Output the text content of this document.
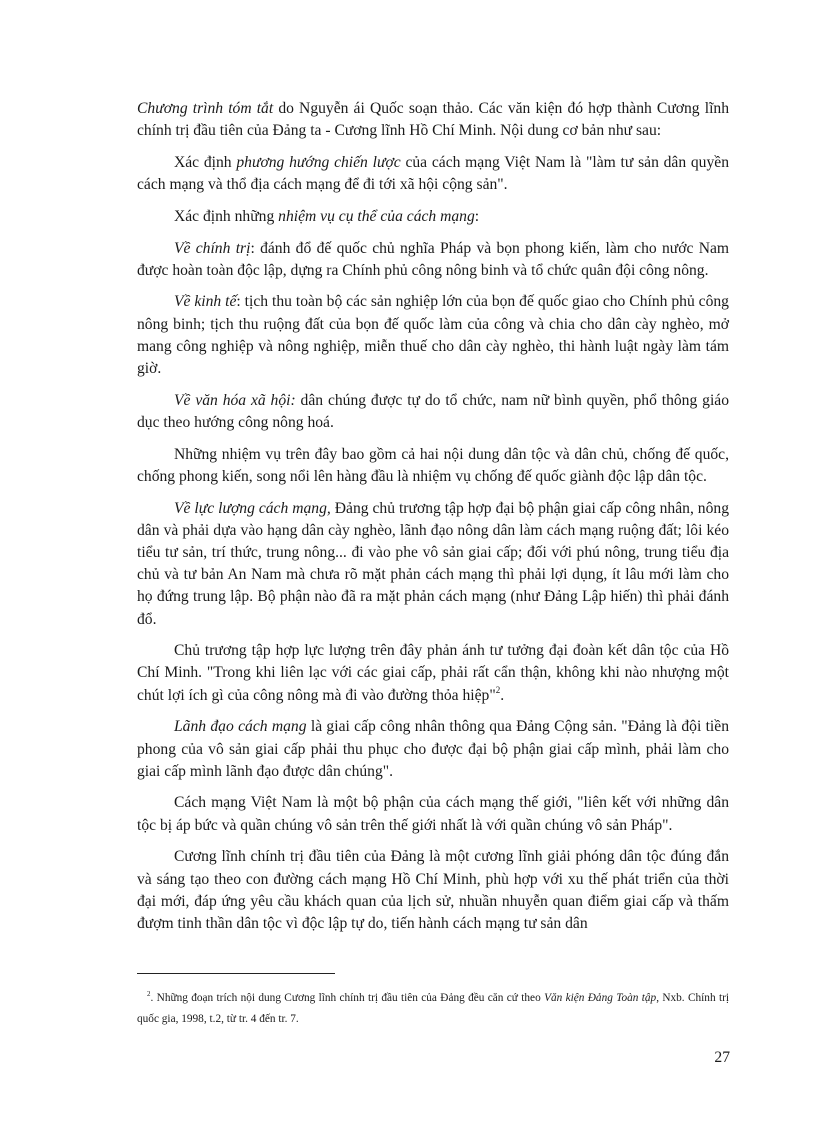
Chương trình tóm tắt do Nguyễn ái Quốc soạn thảo. Các văn kiện đó hợp thành Cương lĩnh chính trị đầu tiên của Đảng ta - Cương lĩnh Hồ Chí Minh. Nội dung cơ bản như sau:

Xác định phương hướng chiến lược của cách mạng Việt Nam là "làm tư sản dân quyền cách mạng và thổ địa cách mạng để đi tới xã hội cộng sản".

Xác định những nhiệm vụ cụ thể của cách mạng:

Về chính trị: đánh đổ đế quốc chủ nghĩa Pháp và bọn phong kiến, làm cho nước Nam được hoàn toàn độc lập, dựng ra Chính phủ công nông binh và tổ chức quân đội công nông.

Về kinh tế: tịch thu toàn bộ các sản nghiệp lớn của bọn đế quốc giao cho Chính phủ công nông binh; tịch thu ruộng đất của bọn đế quốc làm của công và chia cho dân cày nghèo, mở mang công nghiệp và nông nghiệp, miễn thuế cho dân cày nghèo, thi hành luật ngày làm tám giờ.

Về văn hóa xã hội: dân chúng được tự do tổ chức, nam nữ bình quyền, phổ thông giáo dục theo hướng công nông hoá.

Những nhiệm vụ trên đây bao gồm cả hai nội dung dân tộc và dân chủ, chống đế quốc, chống phong kiến, song nổi lên hàng đầu là nhiệm vụ chống đế quốc giành độc lập dân tộc.

Về lực lượng cách mạng, Đảng chủ trương tập hợp đại bộ phận giai cấp công nhân, nông dân và phải dựa vào hạng dân cày nghèo, lãnh đạo nông dân làm cách mạng ruộng đất; lôi kéo tiểu tư sản, trí thức, trung nông... đi vào phe vô sản giai cấp; đối với phú nông, trung tiểu địa chủ và tư bản An Nam mà chưa rõ mặt phản cách mạng thì phải lợi dụng, ít lâu mới làm cho họ đứng trung lập. Bộ phận nào đã ra mặt phản cách mạng (như Đảng Lập hiến) thì phải đánh đổ.

Chủ trương tập hợp lực lượng trên đây phản ánh tư tưởng đại đoàn kết dân tộc của Hồ Chí Minh. "Trong khi liên lạc với các giai cấp, phải rất cẩn thận, không khi nào nhượng một chút lợi ích gì của công nông mà đi vào đường thỏa hiệp"$^2$.

Lãnh đạo cách mạng là giai cấp công nhân thông qua Đảng Cộng sản. "Đảng là đội tiền phong của vô sản giai cấp phải thu phục cho được đại bộ phận giai cấp mình, phải làm cho giai cấp mình lãnh đạo được dân chúng".

Cách mạng Việt Nam là một bộ phận của cách mạng thế giới, "liên kết với những dân tộc bị áp bức và quần chúng vô sản trên thế giới nhất là với quần chúng vô sản Pháp".

Cương lĩnh chính trị đầu tiên của Đảng là một cương lĩnh giải phóng dân tộc đúng đắn và sáng tạo theo con đường cách mạng Hồ Chí Minh, phù hợp với xu thế phát triển của thời đại mới, đáp ứng yêu cầu khách quan của lịch sử, nhuần nhuyễn quan điểm giai cấp và thấm đượm tinh thần dân tộc vì độc lập tự do, tiến hành cách mạng tư sản dân

$^2$. Những đoạn trích nội dung Cương lĩnh chính trị đầu tiên của Đảng đều căn cứ theo Văn kiện Đảng Toàn tập, Nxb. Chính trị quốc gia, 1998, t.2, từ tr. 4 đến tr. 7.
27
